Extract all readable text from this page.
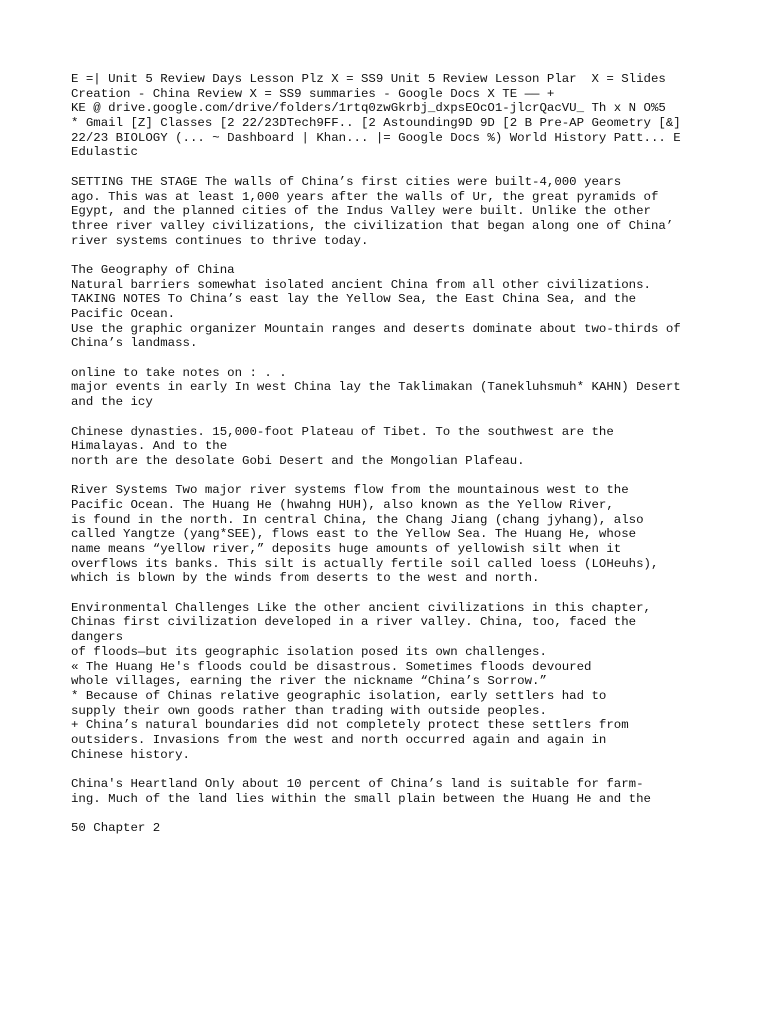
E =| Unit 5 Review Days Lesson Plz X = SS9 Unit 5 Review Lesson Plar  X = Slides
Creation - China Review X = SS9 summaries - Google Docs X TE —— +
KE @ drive.google.com/drive/folders/1rtq0zwGkrbj_dxpsEOcO1-jlcrQacVU_ Th x N O%5
* Gmail [Z] Classes [2 22/23DTech9FF.. [2 Astounding9D 9D [2 B Pre-AP Geometry [&]
22/23 BIOLOGY (... ~ Dashboard | Khan... |= Google Docs %) World History Patt... E
Edulastic
SETTING THE STAGE The walls of China’s first cities were built-4,000 years
ago. This was at least 1,000 years after the walls of Ur, the great pyramids of
Egypt, and the planned cities of the Indus Valley were built. Unlike the other
three river valley civilizations, the civilization that began along one of China’
river systems continues to thrive today.
The Geography of China
Natural barriers somewhat isolated ancient China from all other civilizations.
TAKING NOTES To China’s east lay the Yellow Sea, the East China Sea, and the
Pacific Ocean.
Use the graphic organizer Mountain ranges and deserts dominate about two-thirds of
China’s landmass.
online to take notes on : . .
major events in early In west China lay the Taklimakan (Tanekluhsmuh* KAHN) Desert
and the icy
Chinese dynasties. 15,000-foot Plateau of Tibet. To the southwest are the
Himalayas. And to the
north are the desolate Gobi Desert and the Mongolian Plafeau.
River Systems Two major river systems flow from the mountainous west to the
Pacific Ocean. The Huang He (hwahng HUH), also known as the Yellow River,
is found in the north. In central China, the Chang Jiang (chang jyhang), also
called Yangtze (yang*SEE), flows east to the Yellow Sea. The Huang He, whose
name means “yellow river,” deposits huge amounts of yellowish silt when it
overflows its banks. This silt is actually fertile soil called loess (LOHeuhs),
which is blown by the winds from deserts to the west and north.
Environmental Challenges Like the other ancient civilizations in this chapter,
Chinas first civilization developed in a river valley. China, too, faced the
dangers
of floods—but its geographic isolation posed its own challenges.
« The Huang He's floods could be disastrous. Sometimes floods devoured
whole villages, earning the river the nickname “China’s Sorrow.”
* Because of Chinas relative geographic isolation, early settlers had to
supply their own goods rather than trading with outside peoples.
+ China’s natural boundaries did not completely protect these settlers from
outsiders. Invasions from the west and north occurred again and again in
Chinese history.
China's Heartland Only about 10 percent of China’s land is suitable for farm-
ing. Much of the land lies within the small plain between the Huang He and the
50 Chapter 2
